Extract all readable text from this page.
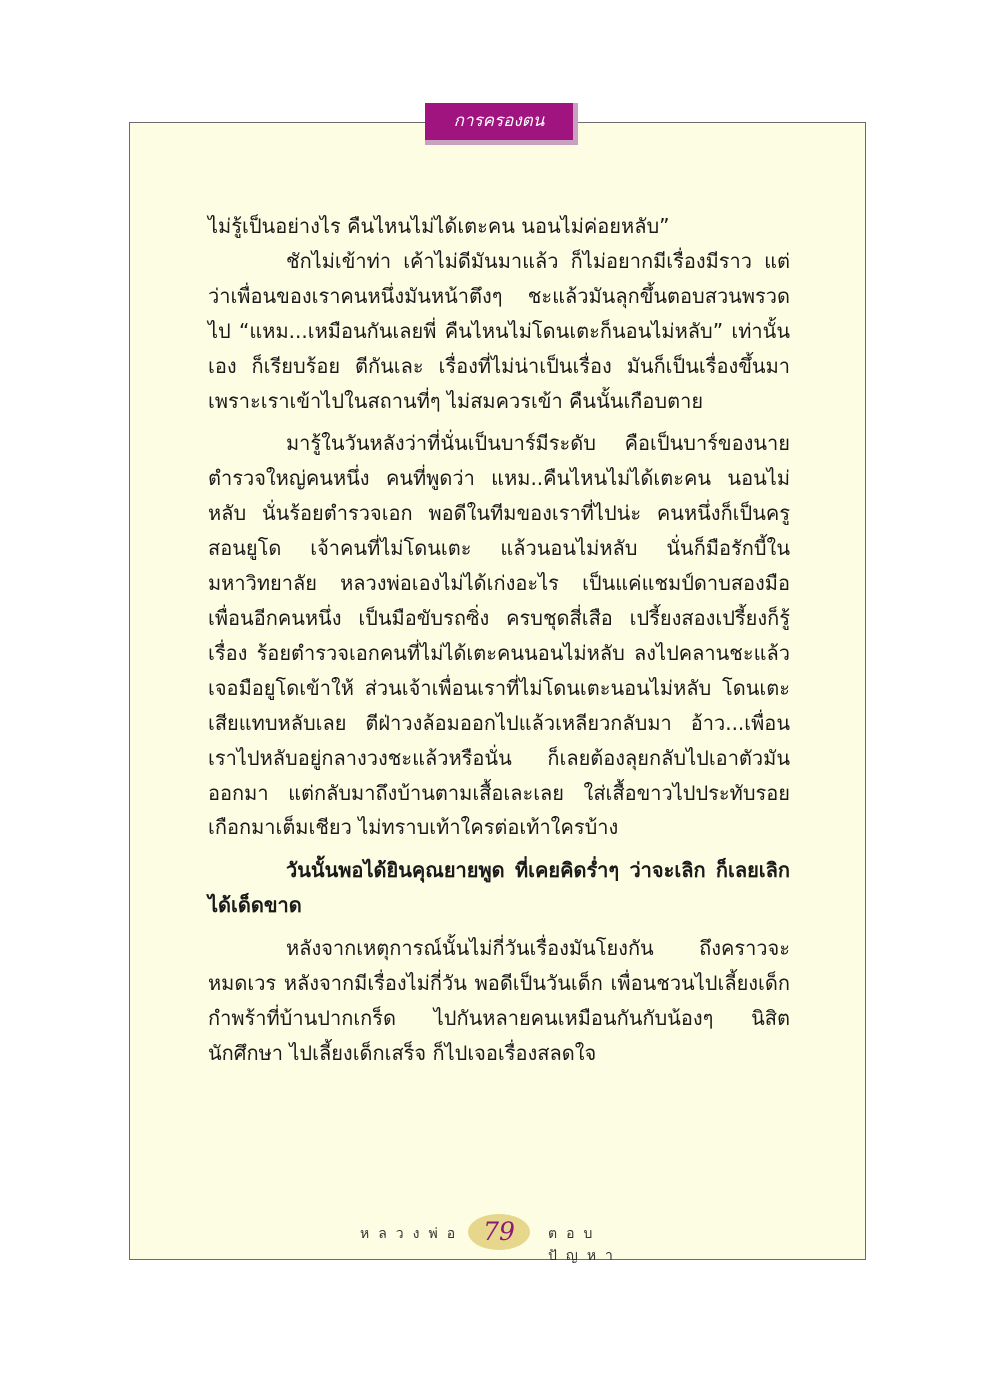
การครองตน

ไม่รู้เป็นอย่างไร คืนไหนไม่ได้เตะคน นอนไม่ค่อยหลับ”

ชักไม่เข้าท่า เค้าไม่ดีมันมาแล้ว ก็ไม่อยากมีเรื่องมีราว แต่ว่าเพื่อนของเราคนหนึ่งมันหน้าตึงๆ ชะแล้วมันลุกขึ้นตอบสวนพรวดไป “แหม...เหมือนกันเลยพี่ คืนไหนไม่โดนเตะก็นอนไม่หลับ” เท่านั้นเอง ก็เรียบร้อย ตีกันเละ เรื่องที่ไม่น่าเป็นเรื่อง มันก็เป็นเรื่องขึ้นมา เพราะเราเข้าไปในสถานที่ๆ ไม่สมควรเข้า คืนนั้นเกือบตาย

มารู้ในวันหลังว่าที่นั่นเป็นบาร์มีระดับ คือเป็นบาร์ของนายตำรวจใหญ่คนหนึ่ง คนที่พูดว่า แหม..คืนไหนไม่ได้เตะคน นอนไม่หลับ นั่นร้อยตำรวจเอก พอดีในทีมของเราที่ไปน่ะ คนหนึ่งก็เป็นครูสอนยูโด เจ้าคนที่ไม่โดนเตะ แล้วนอนไม่หลับ นั่นก็มือรักบี้ในมหาวิทยาลัย หลวงพ่อเองไม่ได้เก่งอะไร เป็นแค่แชมป์ดาบสองมือ เพื่อนอีกคนหนึ่ง เป็นมือขับรถซิ่ง ครบชุดสี่เสือ เปรี้ยงสองเปรี้ยงก็รู้เรื่อง ร้อยตำรวจเอกคนที่ไม่ได้เตะคนนอนไม่หลับ ลงไปคลานชะแล้ว เจอมือยูโดเข้าให้ ส่วนเจ้าเพื่อนเราที่ไม่โดนเตะนอนไม่หลับ โดนเตะเสียแทบหลับเลย ตีฝ่าวงล้อมออกไปแล้วเหลียวกลับมา อ้าว...เพื่อนเราไปหลับอยู่กลางวงชะแล้วหรือนั่น ก็เลยต้องลุยกลับไปเอาตัวมันออกมา แต่กลับมาถึงบ้านตามเสื้อเละเลย ใส่เสื้อขาวไปประทับรอยเกือกมาเต็มเชียว ไม่ทราบเท้าใครต่อเท้าใครบ้าง

วันนั้นพอได้ยินคุณยายพูด ที่เคยคิดร่ำๆ ว่าจะเลิก ก็เลยเลิกได้เด็ดขาด

หลังจากเหตุการณ์นั้นไม่กี่วันเรื่องมันโยงกัน ถึงคราวจะหมดเวร หลังจากมีเรื่องไม่กี่วัน พอดีเป็นวันเด็ก เพื่อนชวนไปเลี้ยงเด็กกำพร้าที่บ้านปากเกร็ด ไปกันหลายคนเหมือนกันกับน้องๆ นิสิตนักศึกษา ไปเลี้ยงเด็กเสร็จ ก็ไปเจอเรื่องสลดใจ

หลวงพ่อ 79	ตอบปัญหา
